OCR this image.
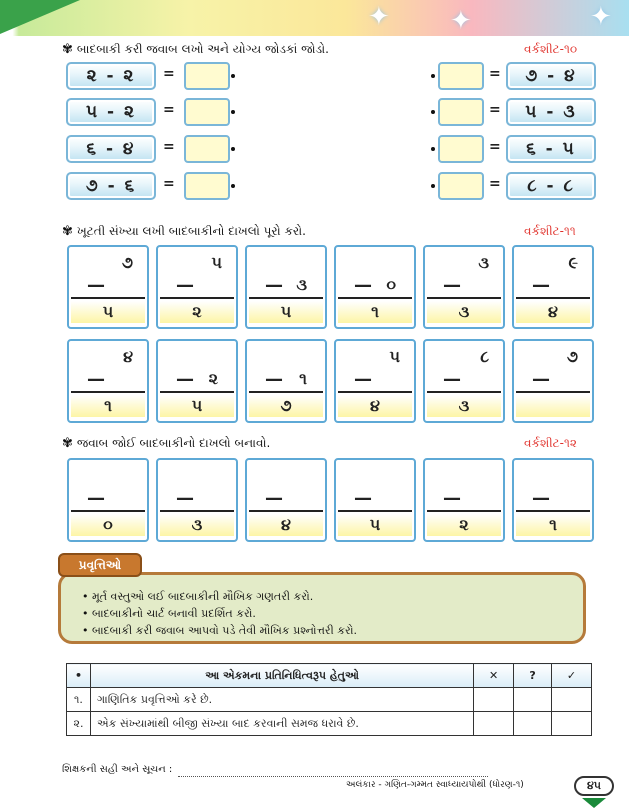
✦ ✦	✦
✾ બાદબાકી કરી જવાબ લખો અને યોગ્ય જોડકાં જોડો.	વર્કશીટ-૧૦
૨ - ૨	=	=	૭ - ૪
૫ - ૨	=	=	૫ - ૩
૬ - ૪	=	=	૬ - ૫
૭ - ૬	=	=	૮ - ૮
✾ ખૂટતી સંખ્યા લખી બાદબાકીનો દાખલો પૂરો કરો.	વર્કશીટ-૧૧
૭
—
૫
૫
—
૨
— ૩
૫
— ૦
૧
૩
—
૩
૯
—
૪
૪
—
૧
— ૨
૫
— ૧
૭
૫
—
૪
૮
—
૩
૭
—
✾ જવાબ જોઈ બાદબાકીનો દાખલો બનાવો.	વર્કશીટ-૧૨
—
૦
—
૩
—
૪
—
૫
—
૨
—
૧
પ્રવૃત્તિઓ
• મૂર્ત વસ્તુઓ લઈ બાદબાકીની મૌખિક ગણતરી કરો.
• બાદબાકીનો ચાર્ટ બનાવી પ્રદર્શિત કરો.
• બાદબાકી કરી જવાબ આપવો પડે તેવી મૌખિક પ્રશ્નોત્તરી કરો.
•	આ એકમના પ્રતિનિધિત્વરૂપ હેતુઓ	✕	?	✓
૧.	ગાણિતિક પ્રવૃત્તિઓ કરે છે.			
૨.	એક સંખ્યામાંથી બીજી સંખ્યા બાદ કરવાની સમજ ધરાવે છે.			
શિક્ષકની સહી અને સૂચન :
અલંકાર - ગણિત-ગમ્મત સ્વાધ્યાયપોથી (ધોરણ-૧)	૪૫
